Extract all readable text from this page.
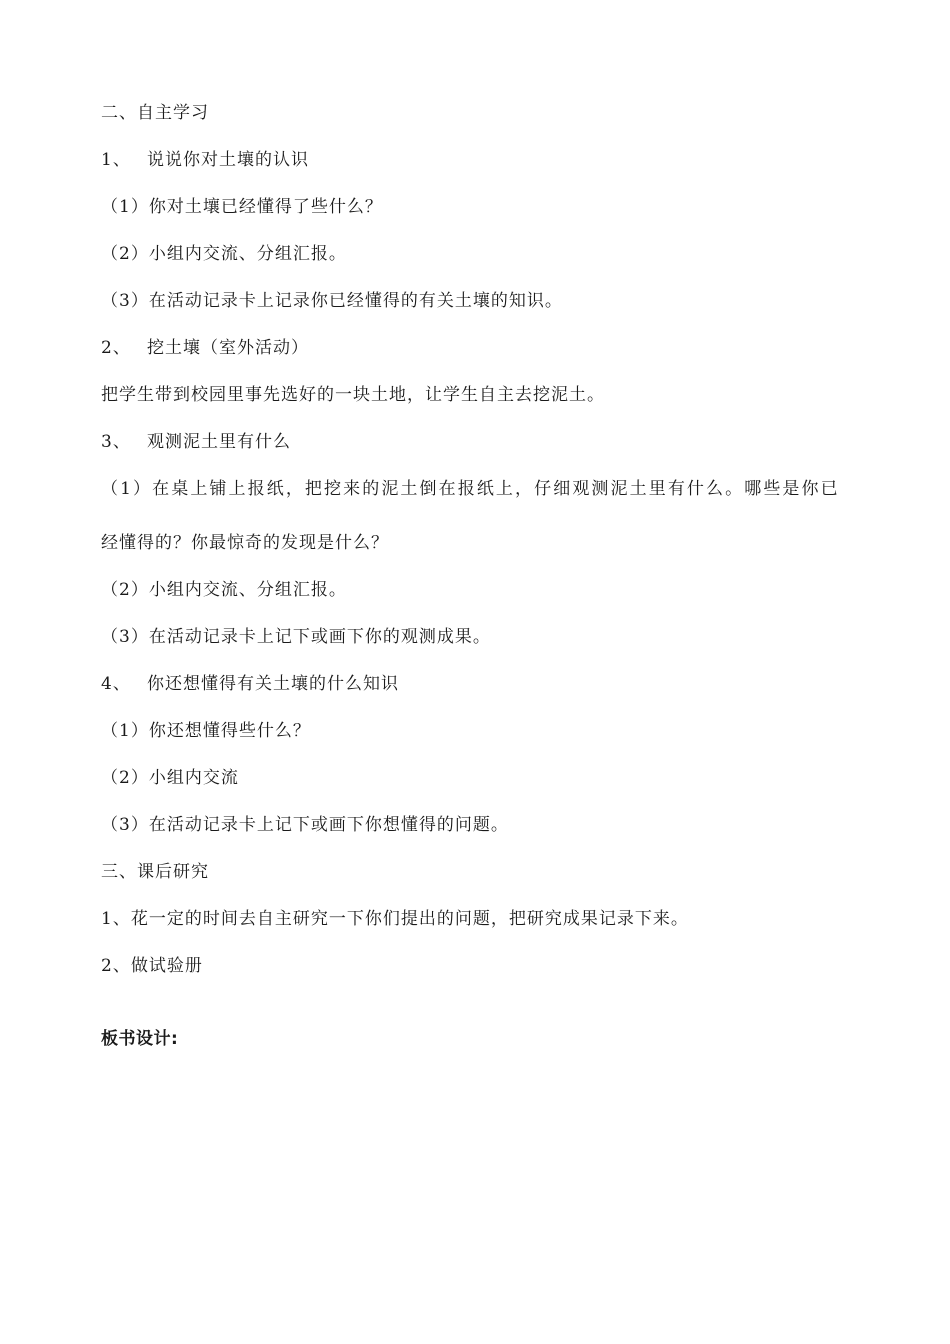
二、自主学习
1、 说说你对土壤的认识
（1）你对土壤已经懂得了些什么？
（2）小组内交流、分组汇报。
（3）在活动记录卡上记录你已经懂得的有关土壤的知识。
2、 挖土壤（室外活动）
把学生带到校园里事先选好的一块土地，让学生自主去挖泥土。
3、 观测泥土里有什么
（1）在桌上铺上报纸，把挖来的泥土倒在报纸上，仔细观测泥土里有什么。哪些是你已
经懂得的？你最惊奇的发现是什么？
（2）小组内交流、分组汇报。
（3）在活动记录卡上记下或画下你的观测成果。
4、 你还想懂得有关土壤的什么知识
（1）你还想懂得些什么？
（2）小组内交流
（3）在活动记录卡上记下或画下你想懂得的问题。
三、课后研究
1、花一定的时间去自主研究一下你们提出的问题，把研究成果记录下来。
2、做试验册
板书设计:
